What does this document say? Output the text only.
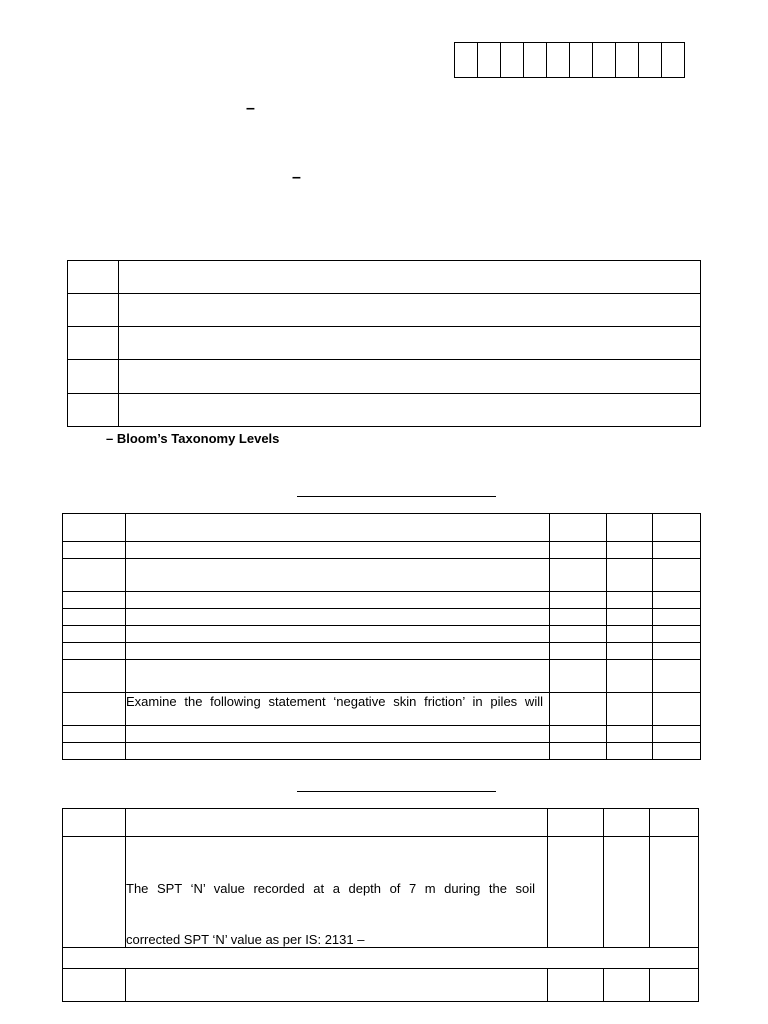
–
–

– Bloom’s Taxonomy Levels

	Examine the following statement ‘negative skin friction’ in piles will			

	The SPT ‘N’ value recorded at a depth of 7 m during the soil
corrected SPT ‘N’ value as per IS: 2131 –			
